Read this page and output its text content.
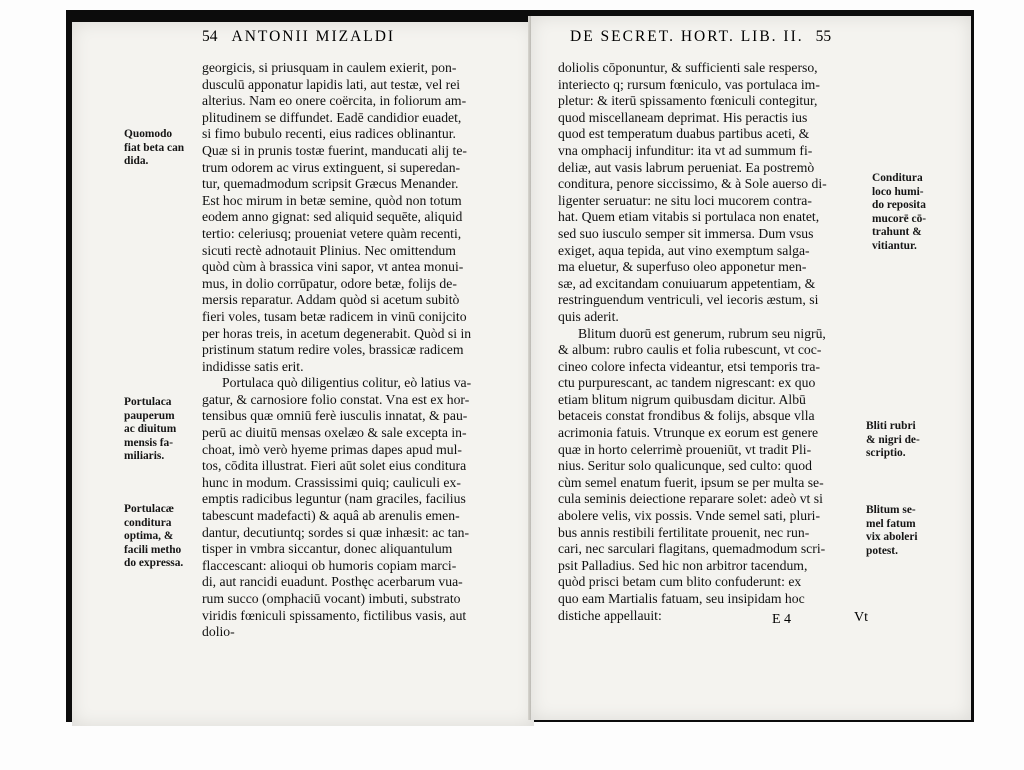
54 ANTONII MIZALDI
georgicis, si priusquam in caulem exierit, pon-
dusculū apponatur lapidis lati, aut testæ, vel rei
alterius. Nam eo onere coërcita, in foliorum am-
plitudinem se diffundet. Eadē candidior euadet,
si fimo bubulo recenti, eius radices oblinantur.
Quæ si in prunis tostæ fuerint, manducati alij te-
trum odorem ac virus extinguent, si superedan-
tur, quemadmodum scripsit Græcus Menander.
Est hoc mirum in betæ semine, quòd non totum
eodem anno gignat: sed aliquid sequēte, aliquid
tertio: celeriusq; proueniat vetere quàm recenti,
sicuti rectè adnotauit Plinius. Nec omittendum
quòd cùm à brassica vini sapor, vt antea monui-
mus, in dolio corrūpatur, odore betæ, folijs de-
mersis reparatur. Addam quòd si acetum subitò
fieri voles, tusam betæ radicem in vinū conijcito
per horas treis, in acetum degenerabit. Quòd si in
pristinum statum redire voles, brassicæ radicem
indidisse satis erit.
Portulaca quò diligentius colitur, eò latius va-
gatur, & carnosiore folio constat. Vna est ex hor-
tensibus quæ omniū ferè iusculis innatat, & pau-
perū ac diuitū mensas oxelæo & sale excepta in-
choat, imò verò hyeme primas dapes apud mul-
tos, cōdita illustrat. Fieri aūt solet eius conditura
hunc in modum. Crassissimi quiq; cauliculi ex-
emptis radicibus leguntur (nam graciles, facilius
tabescunt madefacti) & aquâ ab arenulis emen-
dantur, decutiuntq; sordes si quæ inhæsit: ac tan-
tisper in vmbra siccantur, donec aliquantulum
flaccescant: alioqui ob humoris copiam marci-
di, aut rancidi euadunt. Posthęc acerbarum vua-
rum succo (omphaciū vocant) imbuti, substrato
viridis fœniculi spissamento, fictilibus vasis, aut
dolio-
Quomodo
fiat beta can
dida.
Portulaca
pauperum
ac diuitum
mensis fa-
miliaris.
Portulacæ
conditura
optima, &
facili metho
do expressa.
DE SECRET. HORT. LIB. II. 55
doliolis cōponuntur, & sufficienti sale resperso,
interiecto q; rursum fœniculo, vas portulaca im-
pletur: & iterū spissamento fœniculi contegitur,
quod miscellaneam deprimat. His peractis ius
quod est temperatum duabus partibus aceti, &
vna omphacij infunditur: ita vt ad summum fi-
deliæ, aut vasis labrum perueniat. Ea postremò
conditura, penore siccissimo, & à Sole auerso di-
ligenter seruatur: ne situ loci mucorem contra-
hat. Quem etiam vitabis si portulaca non enatet,
sed suo iusculo semper sit immersa. Dum vsus
exiget, aqua tepida, aut vino exemptum salga-
ma eluetur, & superfuso oleo apponetur men-
sæ, ad excitandam conuiuarum appetentiam, &
restringuendum ventriculi, vel iecoris æstum, si
quis aderit.
Blitum duorū est generum, rubrum seu nigrū,
& album: rubro caulis et folia rubescunt, vt coc-
cineo colore infecta videantur, etsi temporis tra-
ctu purpurescant, ac tandem nigrescant: ex quo
etiam blitum nigrum quibusdam dicitur. Albū
betaceis constat frondibus & folijs, absque vlla
acrimonia fatuis. Vtrunque ex eorum est genere
quæ in horto celerrimè proueniūt, vt tradit Pli-
nius. Seritur solo qualicunque, sed culto: quod
cùm semel enatum fuerit, ipsum se per multa se-
cula seminis deiectione reparare solet: adeò vt si
abolere velis, vix possis. Vnde semel sati, pluri-
bus annis restibili fertilitate prouenit, nec run-
cari, nec sarculari flagitans, quemadmodum scri-
psit Palladius. Sed hic non arbitror tacendum,
quòd prisci betam cum blito confuderunt: ex
quo eam Martialis fatuam, seu insipidam hoc
distiche appellauit:
Conditura
loco humi-
do reposita
mucorē cō-
trahunt &
vitiantur.
Bliti rubri
& nigri de-
scriptio.
Blitum se-
mel fatum
vix aboleri
potest.
E 4	Vt
